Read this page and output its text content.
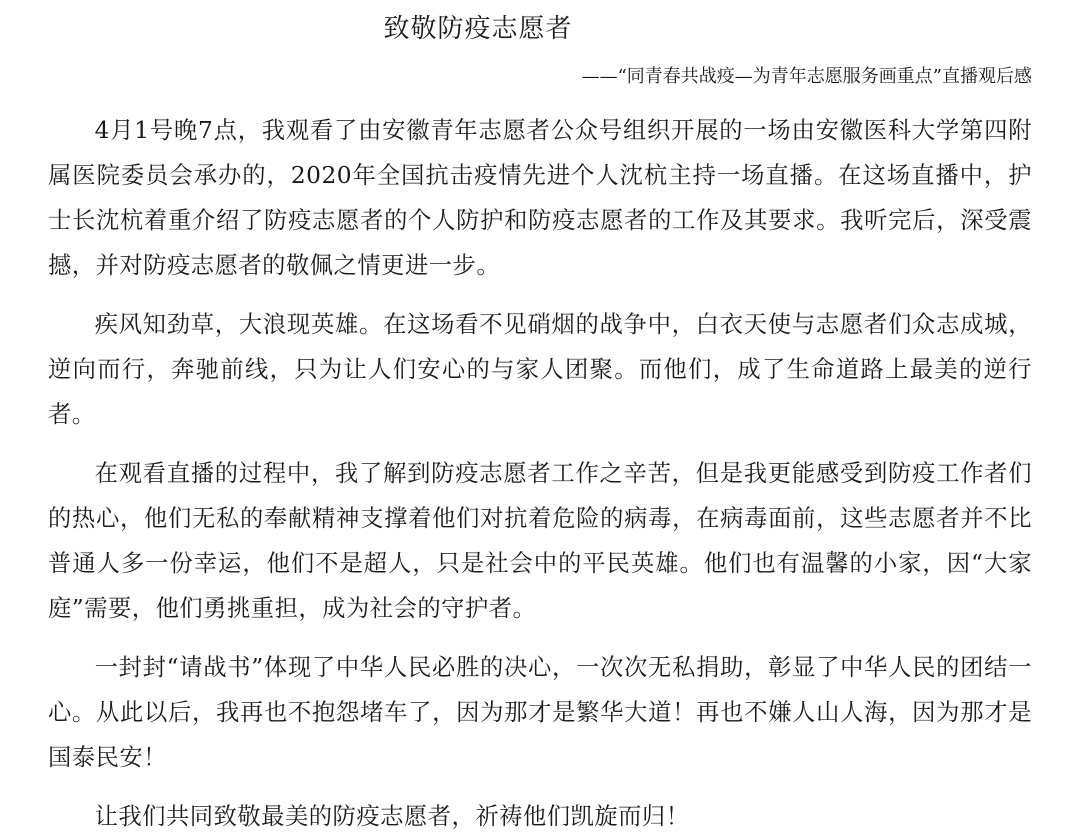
致敬防疫志愿者
——“同青春共战疫—为青年志愿服务画重点”直播观后感

4月1号晚7点，我观看了由安徽青年志愿者公众号组织开展的一场由安徽医科大学第四附属医院委员会承办的，2020年全国抗击疫情先进个人沈杭主持一场直播。在这场直播中，护士长沈杭着重介绍了防疫志愿者的个人防护和防疫志愿者的工作及其要求。我听完后，深受震撼，并对防疫志愿者的敬佩之情更进一步。

疾风知劲草，大浪现英雄。在这场看不见硝烟的战争中，白衣天使与志愿者们众志成城，逆向而行，奔驰前线，只为让人们安心的与家人团聚。而他们，成了生命道路上最美的逆行者。

在观看直播的过程中，我了解到防疫志愿者工作之辛苦，但是我更能感受到防疫工作者们的热心，他们无私的奉献精神支撑着他们对抗着危险的病毒，在病毒面前，这些志愿者并不比普通人多一份幸运，他们不是超人，只是社会中的平民英雄。他们也有温馨的小家，因“大家庭”需要，他们勇挑重担，成为社会的守护者。

一封封“请战书”体现了中华人民必胜的决心，一次次无私捐助，彰显了中华人民的团结一心。从此以后，我再也不抱怨堵车了，因为那才是繁华大道！再也不嫌人山人海，因为那才是国泰民安！

让我们共同致敬最美的防疫志愿者，祈祷他们凯旋而归！
